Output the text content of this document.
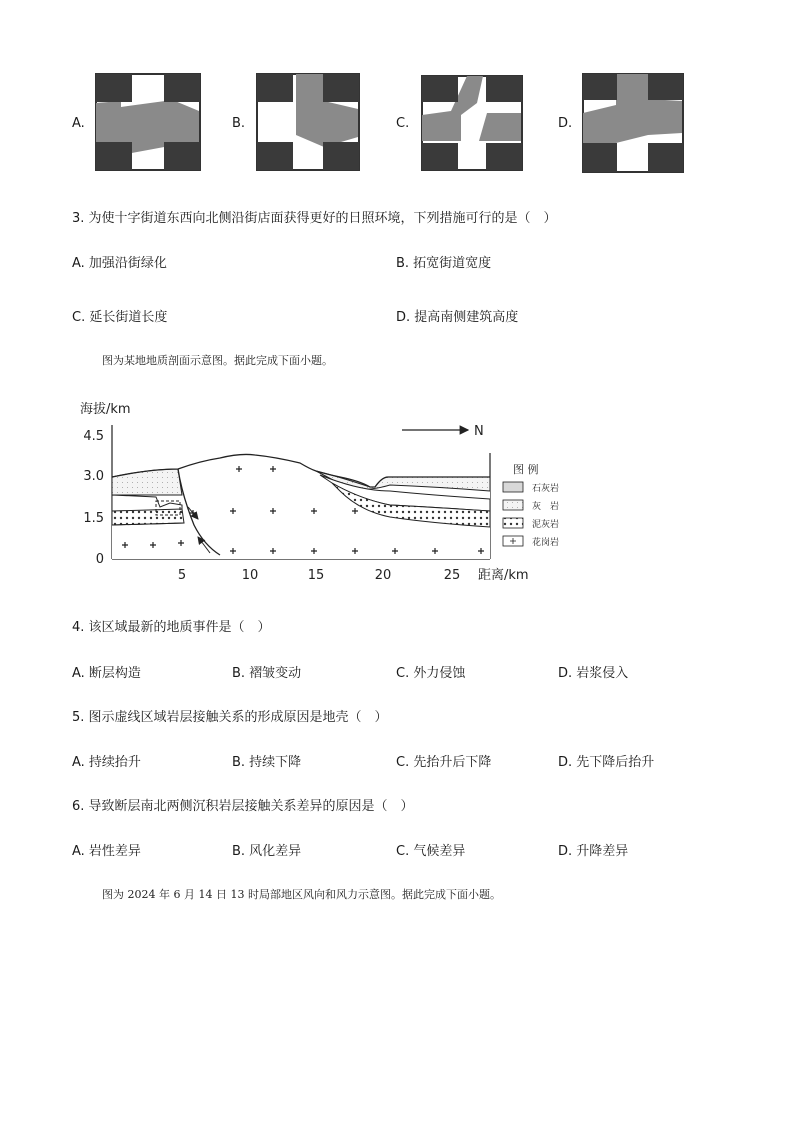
A.	B.	C.	D.
3. 为使十字街道东西向北侧沿街店面获得更好的日照环境，下列措施可行的是（　）
A. 加强沿街绿化	B. 拓宽街道宽度
C. 延长街道长度	D. 提高南侧建筑高度
图为某地地质剖面示意图。据此完成下面小题。
海拔/km
距离/km
4.5
3.0
1.5
0
5	10	15	20	25
N
图 例
石灰岩
灰　岩
泥灰岩
花岗岩
4. 该区域最新的地质事件是（　）
A. 断层构造	B. 褶皱变动	C. 外力侵蚀	D. 岩浆侵入
5. 图示虚线区域岩层接触关系的形成原因是地壳（　）
A. 持续抬升	B. 持续下降	C. 先抬升后下降	D. 先下降后抬升
6. 导致断层南北两侧沉积岩层接触关系差异的原因是（　）
A. 岩性差异	B. 风化差异	C. 气候差异	D. 升降差异
图为 2024 年 6 月 14 日 13 时局部地区风向和风力示意图。据此完成下面小题。
